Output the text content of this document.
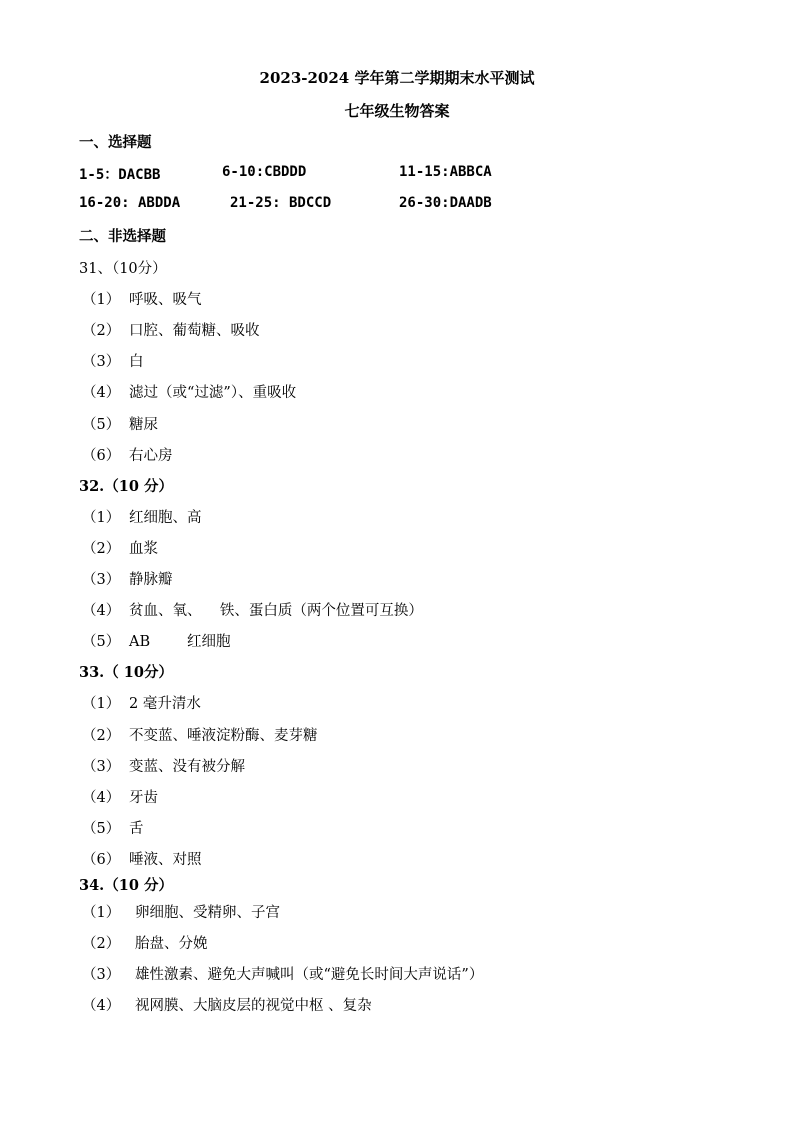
2023-2024 学年第二学期期末水平测试
七年级生物答案
一、选择题
1-5：DACBB	6-10:CBDDD	11-15:ABBCA
16-20: ABDDA	21-25: BDCCD	26-30:DAADB
二、非选择题
31、（10分）
（1） 呼吸、吸气
（2） 口腔、葡萄糖、吸收
（3） 白
（4） 滤过（或“过滤”）、重吸收
（5） 糖尿
（6） 右心房
32.（10 分）
（1） 红细胞、高
（2） 血浆
（3） 静脉瓣
（4） 贫血、氧、    铁、蛋白质（两个位置可互换）
（5） AB        红细胞
33.（ 10分）
（1） 2 毫升清水
（2） 不变蓝、唾液淀粉酶、麦芽糖
（3） 变蓝、没有被分解
（4） 牙齿
（5） 舌
（6） 唾液、对照
34.（10 分）
（1） 卵细胞、受精卵、子宫
（2） 胎盘、分娩
（3） 雄性激素、避免大声喊叫（或“避免长时间大声说话”）
（4） 视网膜、大脑皮层的视觉中枢 、复杂
